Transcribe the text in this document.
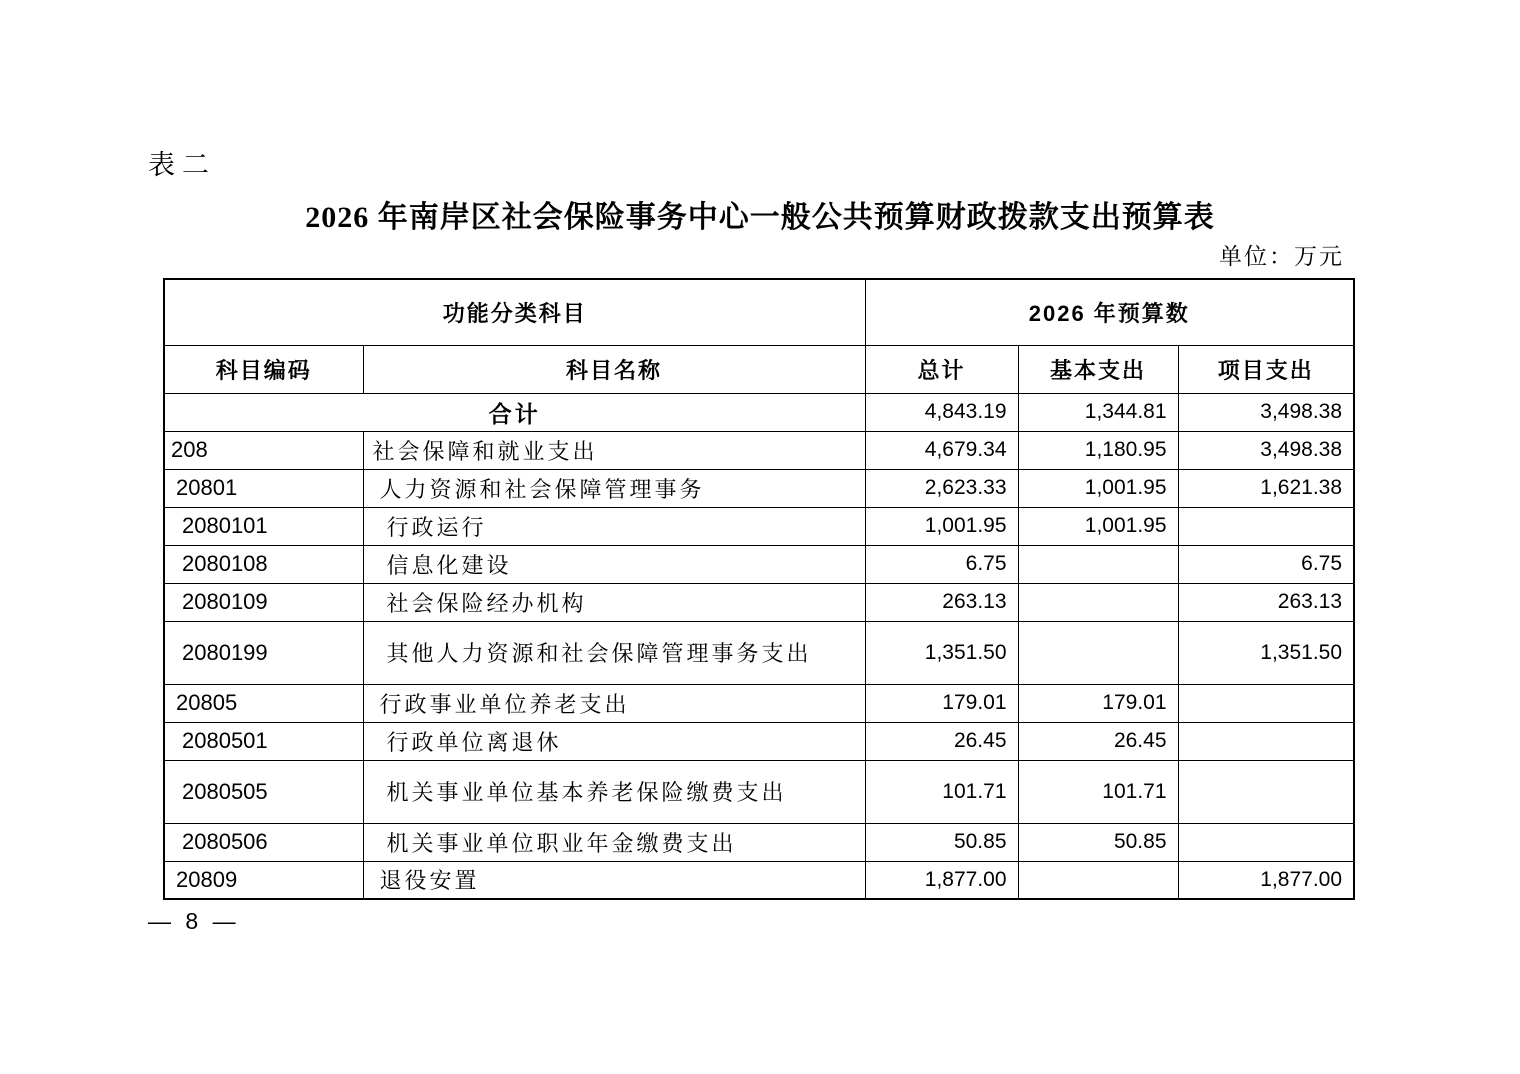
表二
2026 年南岸区社会保险事务中心一般公共预算财政拨款支出预算表
单位：万元
功能分类科目		2026 年预算数		
科目编码	科目名称	总计	基本支出	项目支出
合计		4,843.19	1,344.81	3,498.38
208	社会保障和就业支出	4,679.34	1,180.95	3,498.38
20801	人力资源和社会保障管理事务	2,623.33	1,001.95	1,621.38
2080101	行政运行	1,001.95	1,001.95	
2080108	信息化建设	6.75		6.75
2080109	社会保险经办机构	263.13		263.13
2080199	其他人力资源和社会保障管理事务支出	1,351.50		1,351.50
20805	行政事业单位养老支出	179.01	179.01	
2080501	行政单位离退休	26.45	26.45	
2080505	机关事业单位基本养老保险缴费支出	101.71	101.71	
2080506	机关事业单位职业年金缴费支出	50.85	50.85	
20809	退役安置	1,877.00		1,877.00
— 8 —
